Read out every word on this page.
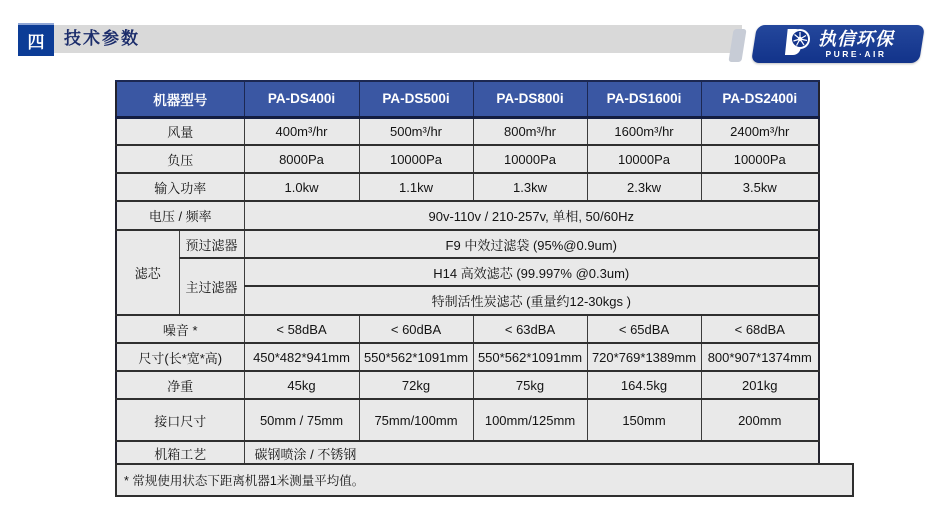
四 技术参数	执信环保
PURE·AIR
机器型号		PA-DS400i	PA-DS500i	PA-DS800i	PA-DS1600i	PA-DS2400i
风量		400m³/hr	500m³/hr	800m³/hr	1600m³/hr	2400m³/hr
负压		8000Pa	10000Pa	10000Pa	10000Pa	10000Pa
输入功率		1.0kw	1.1kw	1.3kw	2.3kw	3.5kw
电压 / 频率		90v-110v / 210-257v, 单相, 50/60Hz				
滤芯	预过滤器	F9 中效过滤袋 (95%@0.9um)				
	主过滤器	H14 高效滤芯 (99.997% @0.3um)				
		特制活性炭滤芯 (重量约12-30kgs )				
噪音 *		< 58dBA	< 60dBA	< 63dBA	< 65dBA	< 68dBA
尺寸(长*宽*高)		450*482*941mm	550*562*1091mm	550*562*1091mm	720*769*1389mm	800*907*1374mm
净重		45kg	72kg	75kg	164.5kg	201kg
接口尺寸		50mm / 75mm	75mm/100mm	100mm/125mm	150mm	200mm
机箱工艺		碳钢喷涂 / 不锈钢				
* 常规使用状态下距离机器1米测量平均值。
